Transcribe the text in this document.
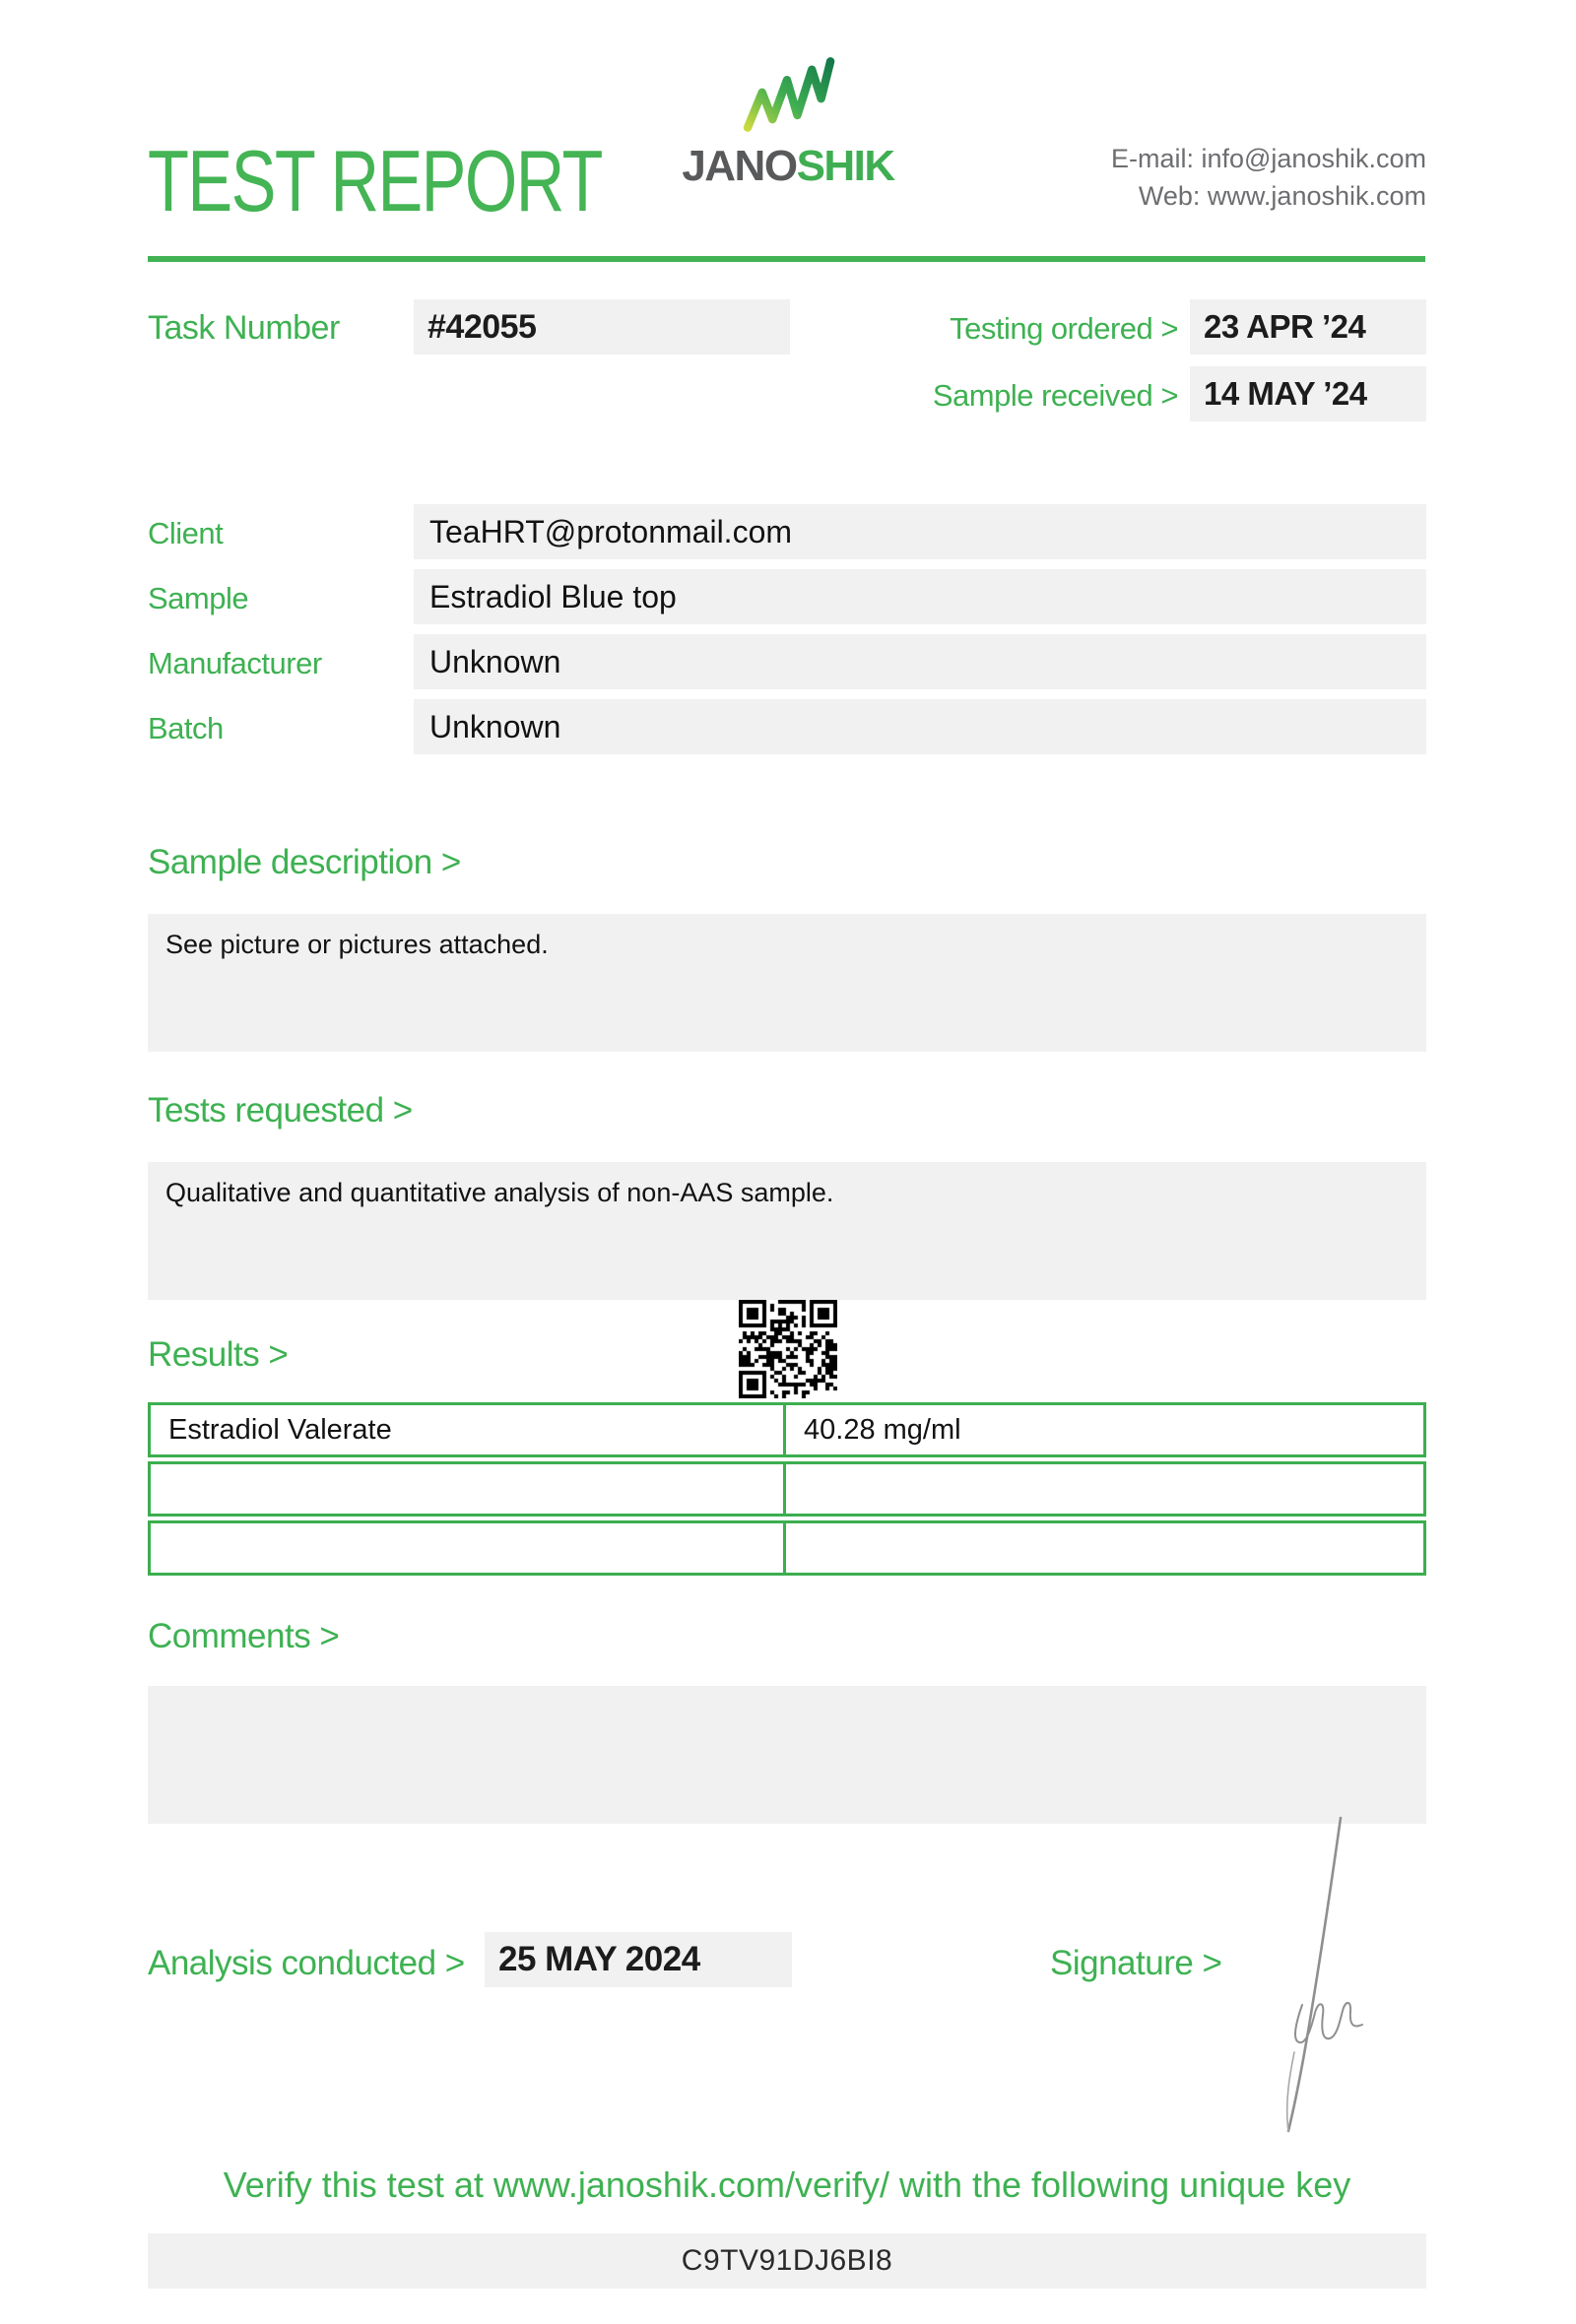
TEST REPORT JANOSHIK	E-mail: info@janoshik.com
Web: www.janoshik.com
Task Number	#42055	Testing ordered > 23 APR ’24
Sample received > 14 MAY ’24
Client	TeaHRT@protonmail.com
Sample	Estradiol Blue top
Manufacturer	Unknown
Batch	Unknown
Sample description >
See picture or pictures attached.
Tests requested >
Qualitative and quantitative analysis of non-AAS sample.
Results >
Estradiol Valerate	40.28 mg/ml
Comments >
Analysis conducted > 25 MAY 2024	Signature >
Verify this test at www.janoshik.com/verify/ with the following unique key
C9TV91DJ6BI8
